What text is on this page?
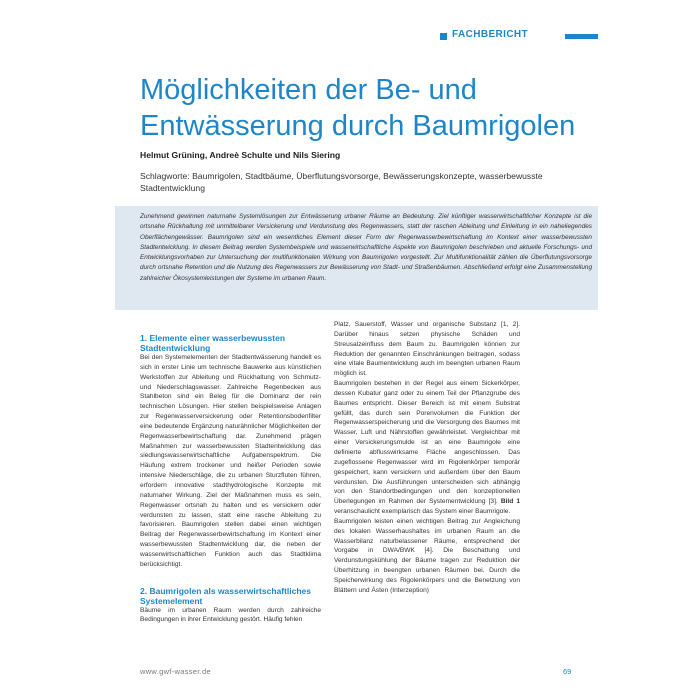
FACHBERICHT
Möglichkeiten der Be- und Entwässerung durch Baumrigolen
Helmut Grüning, Andreè Schulte und Nils Siering
Schlagworte: Baumrigolen, Stadtbäume, Überflutungsvorsorge, Bewässerungskonzepte, wasserbewusste Stadtentwicklung
Zunehmend gewinnen naturnahe Systemlösungen zur Entwässerung urbaner Räume an Bedeutung. Ziel künftiger wasserwirtschaftlicher Konzepte ist die ortsnahe Rückhaltung mit unmittelbarer Versickerung und Verdunstung des Regenwassers, statt der raschen Ableitung und Einleitung in ein naheliegendes Oberflächengewässer. Baumrigolen sind ein wesentliches Element dieser Form der Regenwasserbewirtschaftung im Kontext einer wasserbewussten Stadtentwicklung. In diesem Beitrag werden Systembeispiele und wasserwirtschaftliche Aspekte von Baumrigolen beschrieben und aktuelle Forschungs- und Entwicklungsvorhaben zur Untersuchung der multifunktionalen Wirkung von Baumrigolen vorgestellt. Zur Multifunktionalität zählen die Überflutungsvorsorge durch ortsnahe Retention und die Nutzung des Regenwassers zur Bewässerung von Stadt- und Straßenbäumen. Abschließend erfolgt eine Zusammenstellung zahlreicher Ökosystemleistungen der Systeme im urbanen Raum.
1. Elemente einer wasserbewussten Stadtentwicklung

Bei den Systemelementen der Stadtentwässerung handelt es sich in erster Linie um technische Bauwerke aus künstlichen Werkstoffen zur Ableitung und Rückhaltung von Schmutz- und Niederschlagswasser. Zahlreiche Regenbecken aus Stahlbeton sind ein Beleg für die Dominanz der rein technischen Lösungen. Hier stellen beispielsweise Anlagen zur Regenwasserversickerung oder Retentionsbodenfilter eine bedeutende Ergänzung naturähnlicher Möglichkeiten der Regenwasserbewirtschaftung dar. Zunehmend prägen Maßnahmen zur wasserbewussten Stadtentwicklung das siedlungswasserwirtschaftliche Aufgabenspektrum. Die Häufung extrem trockener und heißer Perioden sowie intensive Niederschläge, die zu urbanen Sturzfluten führen, erfordern innovative stadthydrologische Konzepte mit naturnaher Wirkung. Ziel der Maßnahmen muss es sein, Regenwasser ortsnah zu halten und es versickern oder verdunsten zu lassen, statt eine rasche Ableitung zu favorisieren. Baumrigolen stellen dabei einen wichtigen Beitrag der Regenwasserbewirtschaftung im Kontext einer wasserbewussten Stadtentwicklung dar, die neben der wasserwirtschaftlichen Funktion auch das Stadtklima berücksichtigt.

2. Baumrigolen als wasserwirtschaftliches Systemelement

Bäume im urbanen Raum werden durch zahlreiche Bedingungen in ihrer Entwicklung gestört. Häufig fehlen

Platz, Sauerstoff, Wasser und organische Substanz [1, 2]. Darüber hinaus setzen physische Schäden und Streusalzeinfluss dem Baum zu. Baumrigolen können zur Reduktion der genannten Einschränkungen beitragen, sodass eine vitale Baumentwicklung auch im beengten urbanen Raum möglich ist.

Baumrigolen bestehen in der Regel aus einem Sickerkörper, dessen Kubatur ganz oder zu einem Teil der Pflanzgrube des Baumes entspricht. Dieser Bereich ist mit einem Substrat gefüllt, das durch sein Porenvolumen die Funktion der Regenwasserspeicherung und die Versorgung des Baumes mit Wasser, Luft und Nährstoffen gewährleistet. Vergleichbar mit einer Versickerungsmulde ist an eine Baumrigole eine definierte abflusswirksame Fläche angeschlossen. Das zugeflossene Regenwasser wird im Rigolenkörper temporär gespeichert, kann versickern und außerdem über den Baum verdunsten. Die Ausführungen unterscheiden sich abhängig von den Standortbedingungen und den konzeptionellen Überlegungen im Rahmen der Systementwicklung [3]. Bild 1 veranschaulicht exemplarisch das System einer Baumrigole.

Baumrigolen leisten einen wichtigen Beitrag zur Angleichung des lokalen Wasserhaushaltes im urbanen Raum an die Wasserbilanz naturbelassener Räume, entsprechend der Vorgabe in DWA/BWK [4]. Die Beschattung und Verdunstungskühlung der Bäume tragen zur Reduktion der Überhitzung in beengten urbanen Räumen bei. Durch die Speicherwirkung des Rigolenkörpers und die Benetzung von Blättern und Ästen (Interzeption)

www.gwf-wasser.de	69
